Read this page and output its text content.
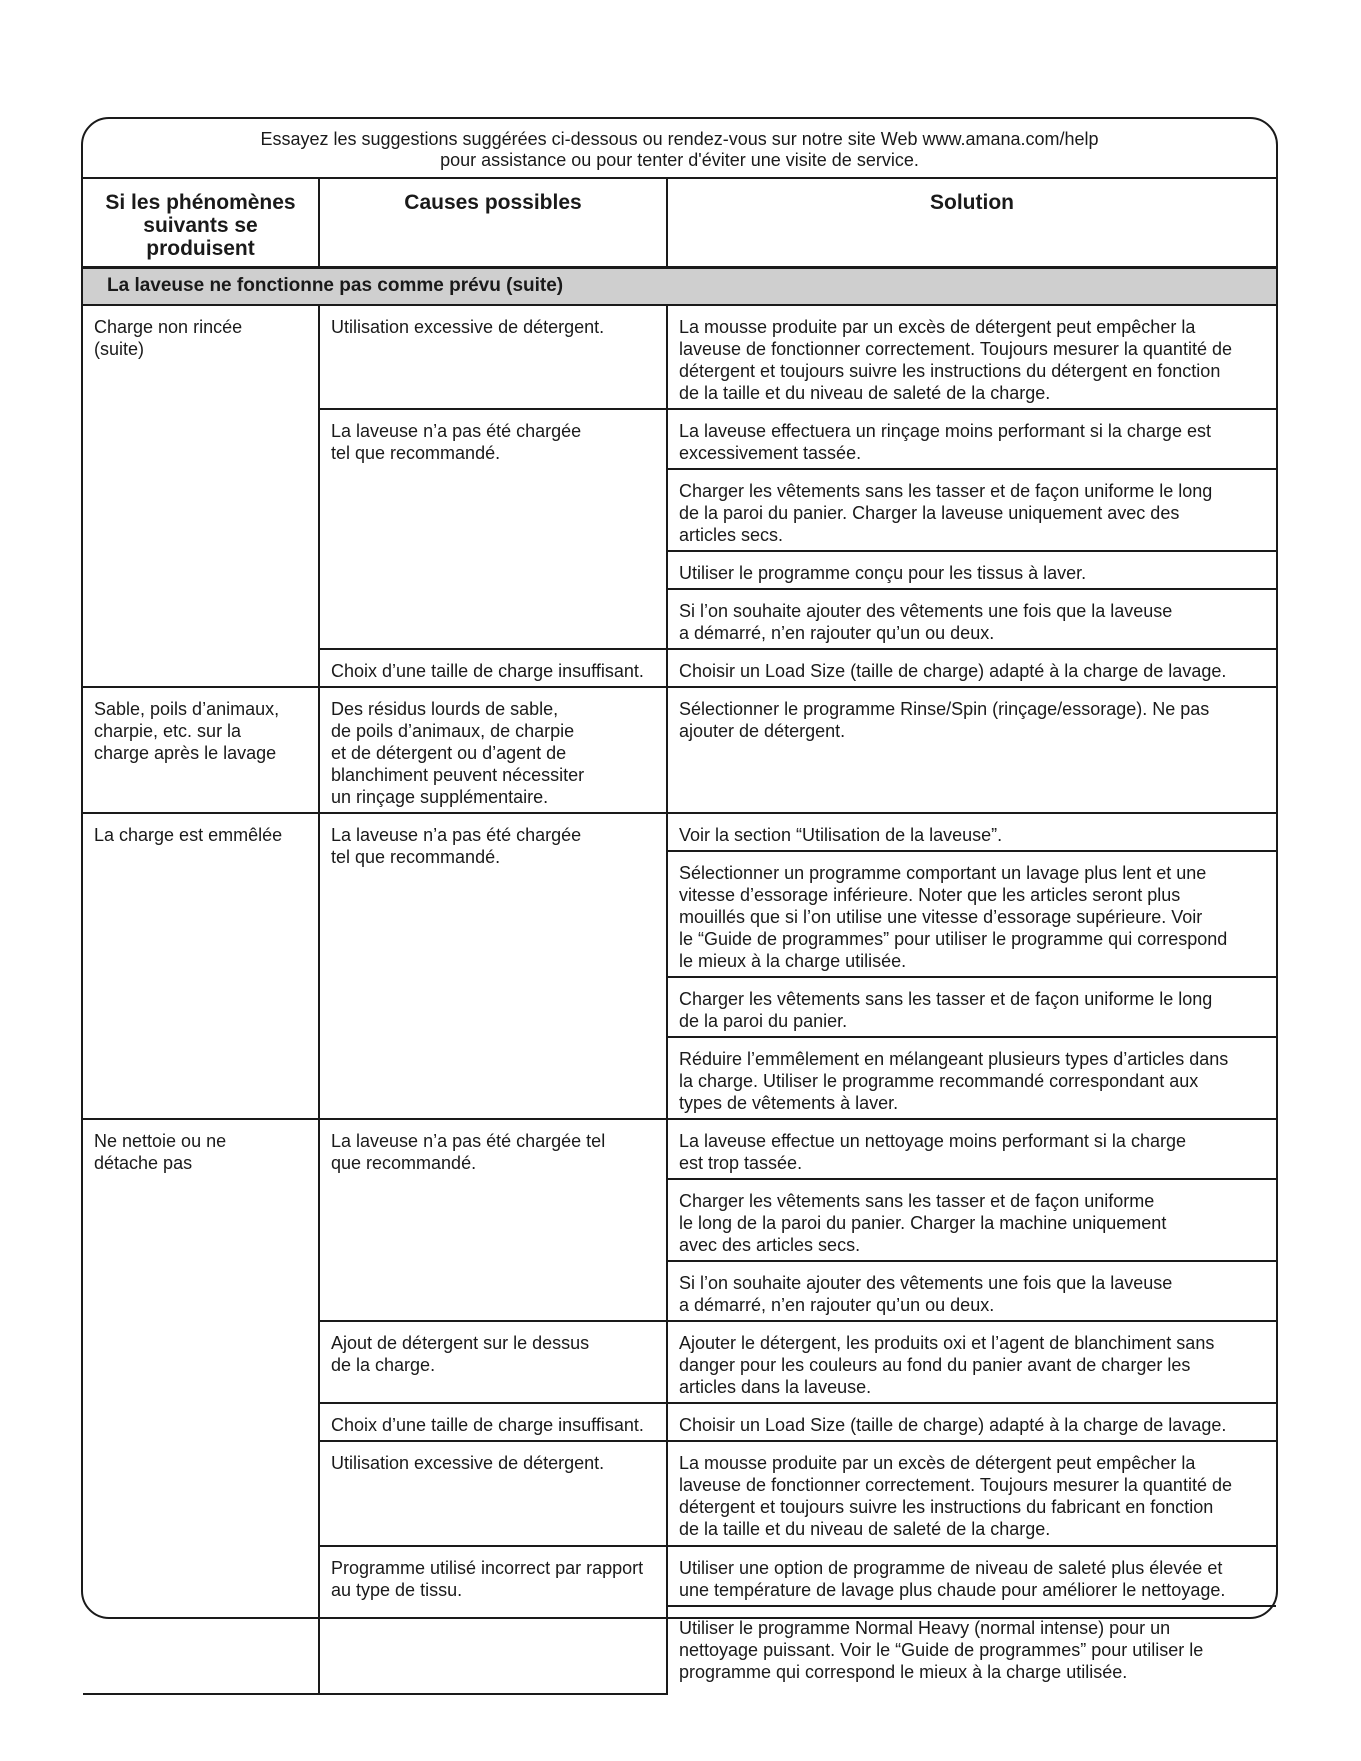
Essayez les suggestions suggérées ci-dessous ou rendez-vous sur notre site Web www.amana.com/help
pour assistance ou pour tenter d'éviter une visite de service.
Si les phénomènes
suivants se produisent	Causes possibles	Solution
La laveuse ne fonctionne pas comme prévu (suite)		
Charge non rincée
(suite)	Utilisation excessive de détergent.	La mousse produite par un excès de détergent peut empêcher la
laveuse de fonctionner correctement. Toujours mesurer la quantité de
détergent et toujours suivre les instructions du détergent en fonction
de la taille et du niveau de saleté de la charge.
	La laveuse n’a pas été chargée
tel que recommandé.	La laveuse effectuera un rinçage moins performant si la charge est
excessivement tassée.
		Charger les vêtements sans les tasser et de façon uniforme le long
de la paroi du panier. Charger la laveuse uniquement avec des
articles secs.
		Utiliser le programme conçu pour les tissus à laver.
		Si l’on souhaite ajouter des vêtements une fois que la laveuse
a démarré, n’en rajouter qu’un ou deux.
	Choix d’une taille de charge insuffisant.	Choisir un Load Size (taille de charge) adapté à la charge de lavage.
Sable, poils d’animaux,
charpie, etc. sur la
charge après le lavage	Des résidus lourds de sable,
de poils d’animaux, de charpie
et de détergent ou d’agent de
blanchiment peuvent nécessiter
un rinçage supplémentaire.	Sélectionner le programme Rinse/Spin (rinçage/essorage). Ne pas
ajouter de détergent.
La charge est emmêlée	La laveuse n’a pas été chargée
tel que recommandé.	Voir la section “Utilisation de la laveuse”.
		Sélectionner un programme comportant un lavage plus lent et une
vitesse d’essorage inférieure. Noter que les articles seront plus
mouillés que si l’on utilise une vitesse d’essorage supérieure. Voir
le “Guide de programmes” pour utiliser le programme qui correspond
le mieux à la charge utilisée.
		Charger les vêtements sans les tasser et de façon uniforme le long
de la paroi du panier.
		Réduire l’emmêlement en mélangeant plusieurs types d’articles dans
la charge. Utiliser le programme recommandé correspondant aux
types de vêtements à laver.
Ne nettoie ou ne
détache pas	La laveuse n’a pas été chargée tel
que recommandé.	La laveuse effectue un nettoyage moins performant si la charge
est trop tassée.
		Charger les vêtements sans les tasser et de façon uniforme
le long de la paroi du panier. Charger la machine uniquement
avec des articles secs.
		Si l’on souhaite ajouter des vêtements une fois que la laveuse
a démarré, n’en rajouter qu’un ou deux.
	Ajout de détergent sur le dessus
de la charge.	Ajouter le détergent, les produits oxi et l’agent de blanchiment sans
danger pour les couleurs au fond du panier avant de charger les
articles dans la laveuse.
	Choix d’une taille de charge insuffisant.	Choisir un Load Size (taille de charge) adapté à la charge de lavage.
	Utilisation excessive de détergent.	La mousse produite par un excès de détergent peut empêcher la
laveuse de fonctionner correctement. Toujours mesurer la quantité de
détergent et toujours suivre les instructions du fabricant en fonction
de la taille et du niveau de saleté de la charge.
	Programme utilisé incorrect par rapport
au type de tissu.	Utiliser une option de programme de niveau de saleté plus élevée et
une température de lavage plus chaude pour améliorer le nettoyage.
		Utiliser le programme Normal Heavy (normal intense) pour un
nettoyage puissant. Voir le “Guide de programmes” pour utiliser le
programme qui correspond le mieux à la charge utilisée.
